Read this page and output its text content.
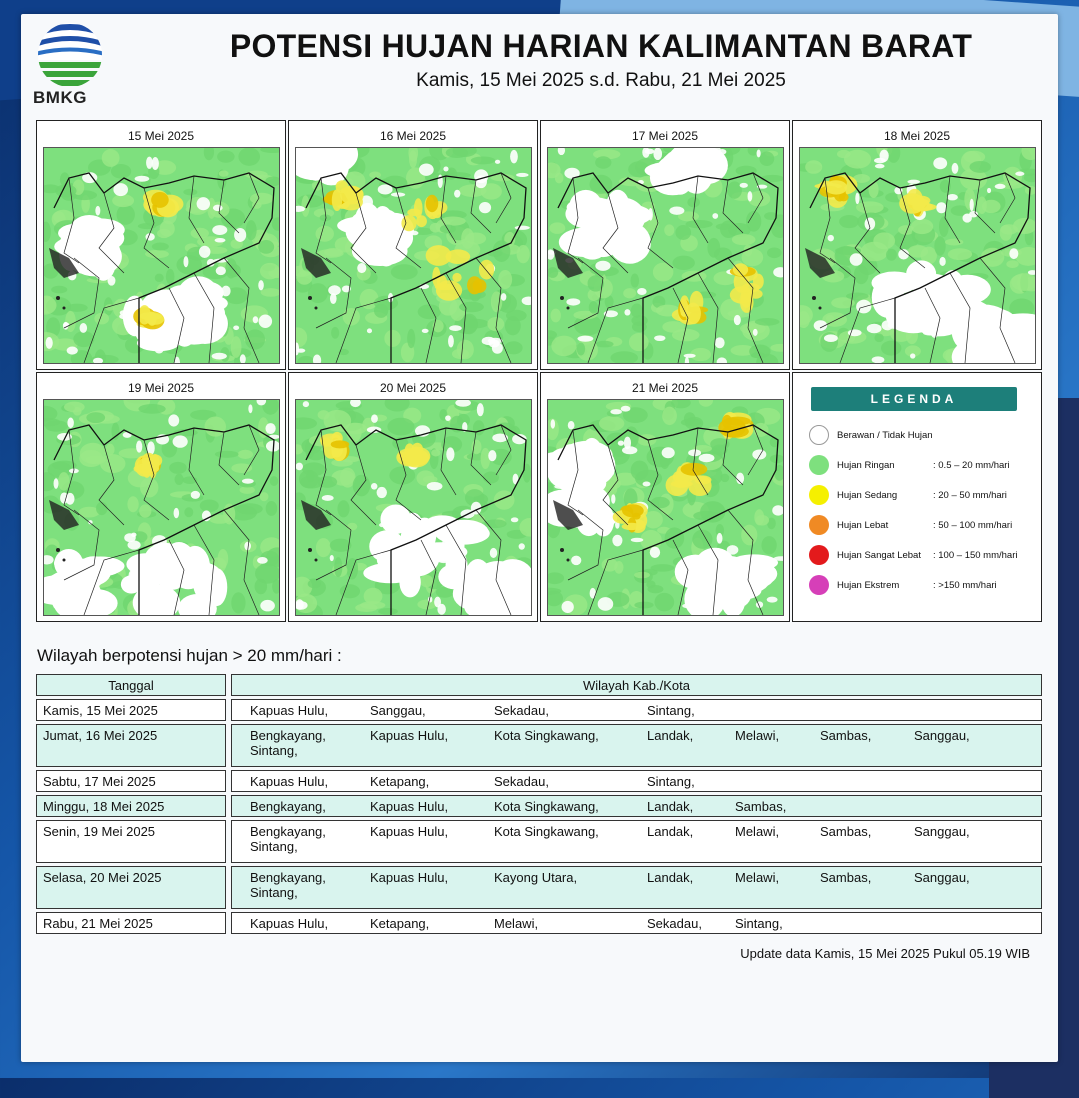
BMKG
POTENSI HUJAN HARIAN KALIMANTAN BARAT
Kamis, 15 Mei 2025 s.d. Rabu, 21 Mei 2025
15 Mei 2025	16 Mei 2025	17 Mei 2025	18 Mei 2025
19 Mei 2025	20 Mei 2025	21 Mei 2025
LEGENDA
Berawan / Tidak Hujan
Hujan Ringan	: 0.5 – 20 mm/hari
Hujan Sedang	: 20 – 50 mm/hari
Hujan Lebat	: 50 – 100 mm/hari
Hujan Sangat Lebat : 100 – 150 mm/hari
Hujan Ekstrem	: >150 mm/hari
Wilayah berpotensi hujan > 20 mm/hari :
Tanggal	Wilayah Kab./Kota
Kamis, 15 Mei 2025	Kapuas Hulu,	Sanggau,	Sekadau,	Sintang,
Jumat, 16 Mei 2025	Bengkayang,	Kapuas Hulu,	Kota Singkawang,	Landak,	Melawi,	Sambas,	Sanggau,
Sintang,
Sabtu, 17 Mei 2025	Kapuas Hulu,	Ketapang,	Sekadau,	Sintang,
Minggu, 18 Mei 2025	Bengkayang,	Kapuas Hulu,	Kota Singkawang,	Landak,	Sambas,
Senin, 19 Mei 2025	Bengkayang,	Kapuas Hulu,	Kota Singkawang,	Landak,	Melawi,	Sambas,	Sanggau,
Sintang,
Selasa, 20 Mei 2025	Bengkayang,	Kapuas Hulu,	Kayong Utara,	Landak,	Melawi,	Sambas,	Sanggau,
Sintang,
Rabu, 21 Mei 2025	Kapuas Hulu,	Ketapang,	Melawi,	Sekadau,	Sintang,
Update data Kamis, 15 Mei 2025 Pukul 05.19 WIB
